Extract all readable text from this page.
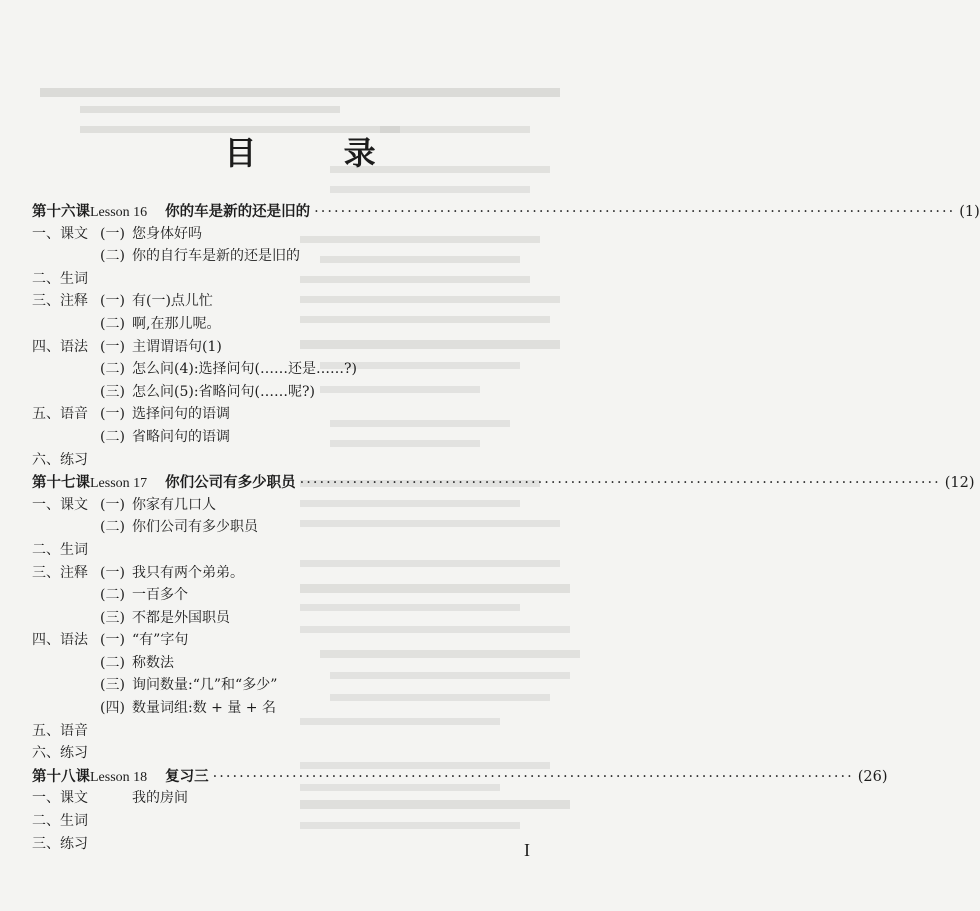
目 录
第十六课 Lesson 16 你的车是新的还是旧的 ································································································· (1)
一、课文 (一) 您身体好吗
(二) 你的自行车是新的还是旧的
二、生词
三、注释 (一) 有(一)点儿忙
(二) 啊,在那儿呢。
四、语法 (一) 主谓谓语句(1)
(二) 怎么问(4):选择问句(……还是……?)
(三) 怎么问(5):省略问句(……呢?)
五、语音 (一) 选择问句的语调
(二) 省略问句的语调
六、练习
第十七课 Lesson 17 你们公司有多少职员 ································································································· (12)
一、课文 (一) 你家有几口人
(二) 你们公司有多少职员
二、生词
三、注释 (一) 我只有两个弟弟。
(二) 一百多个
(三) 不都是外国职员
四、语法 (一) “有”字句
(二) 称数法
(三) 询问数量:“几”和“多少”
(四) 数量词组:数 + 量 + 名
五、语音
六、练习
第十八课 Lesson 18 复习三 ································································································· (26)
一、课文	我的房间
二、生词
三、练习	I
